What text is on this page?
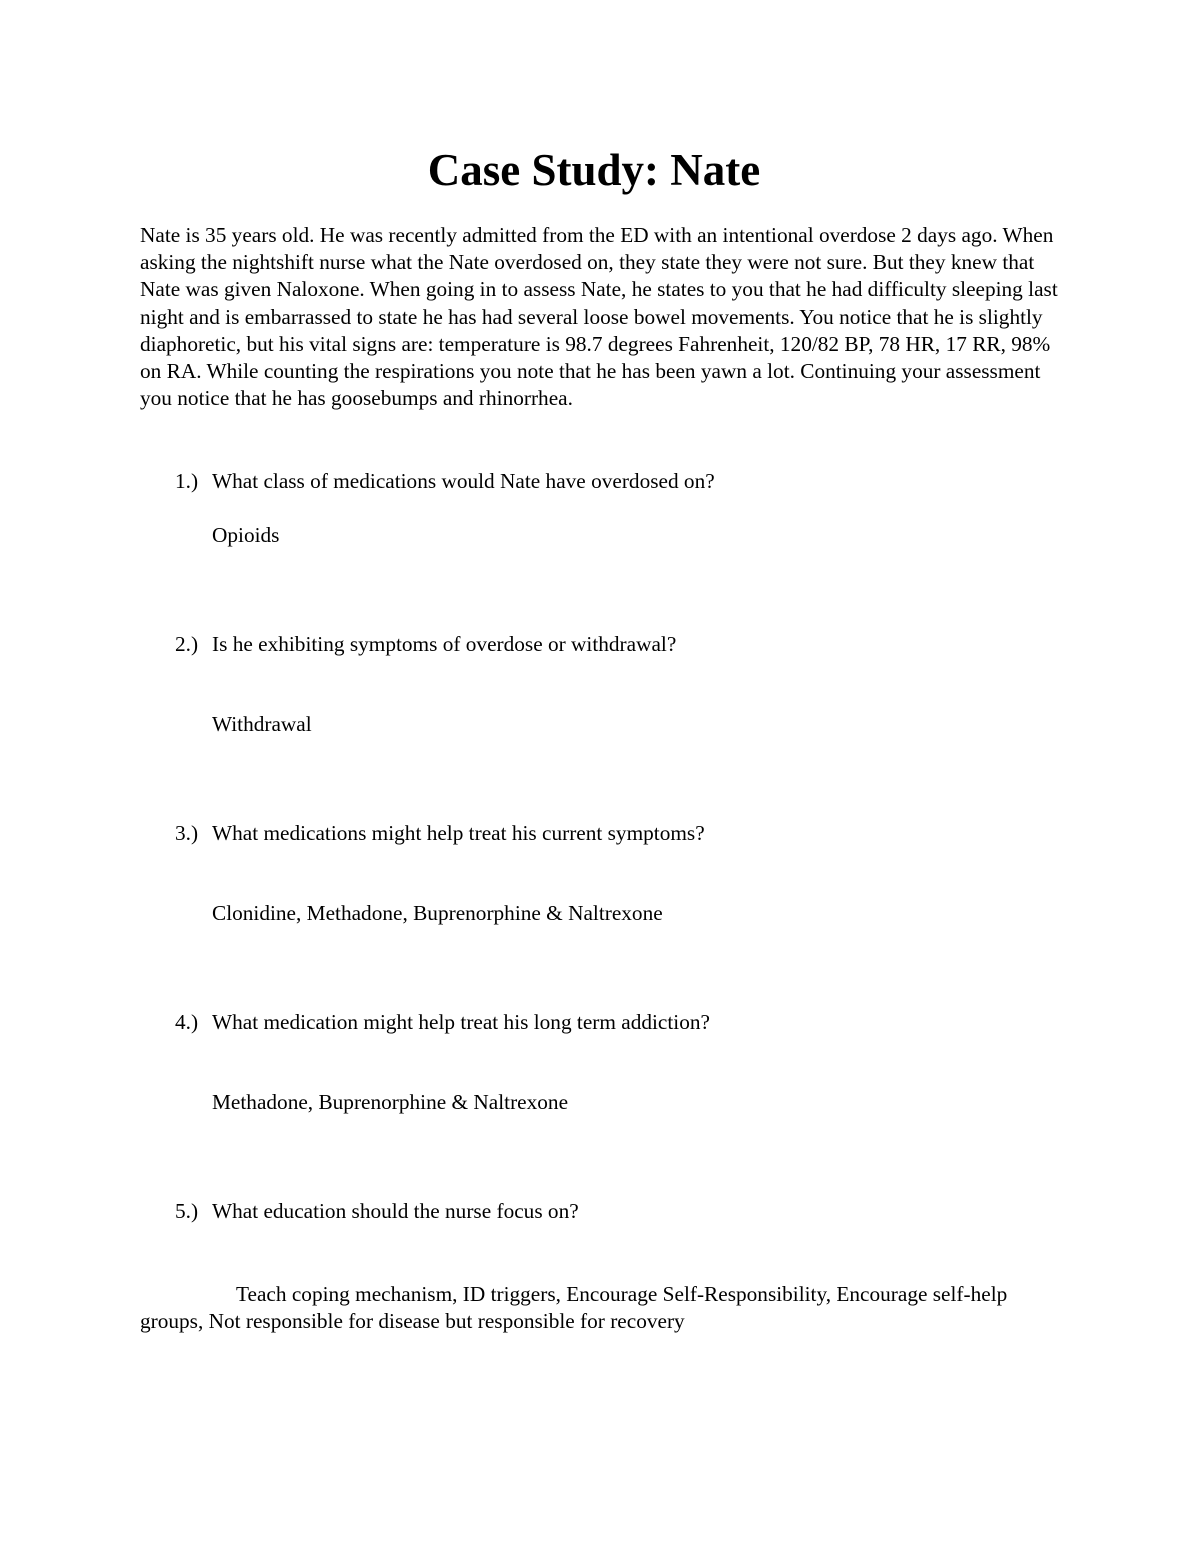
Case Study: Nate

Nate is 35 years old. He was recently admitted from the ED with an intentional overdose 2 days ago. When asking the nightshift nurse what the Nate overdosed on, they state they were not sure. But they knew that Nate was given Naloxone. When going in to assess Nate, he states to you that he had difficulty sleeping last night and is embarrassed to state he has had several loose bowel movements. You notice that he is slightly diaphoretic, but his vital signs are: temperature is 98.7 degrees Fahrenheit, 120/82 BP, 78 HR, 17 RR, 98% on RA. While counting the respirations you note that he has been yawn a lot. Continuing your assessment you notice that he has goosebumps and rhinorrhea.

1.) What class of medications would Nate have overdosed on?
Opioids
2.) Is he exhibiting symptoms of overdose or withdrawal?
Withdrawal
3.) What medications might help treat his current symptoms?
Clonidine, Methadone, Buprenorphine & Naltrexone
4.) What medication might help treat his long term addiction?
Methadone, Buprenorphine & Naltrexone
5.) What education should the nurse focus on?

Teach coping mechanism, ID triggers, Encourage Self-Responsibility, Encourage self-help groups, Not responsible for disease but responsible for recovery
